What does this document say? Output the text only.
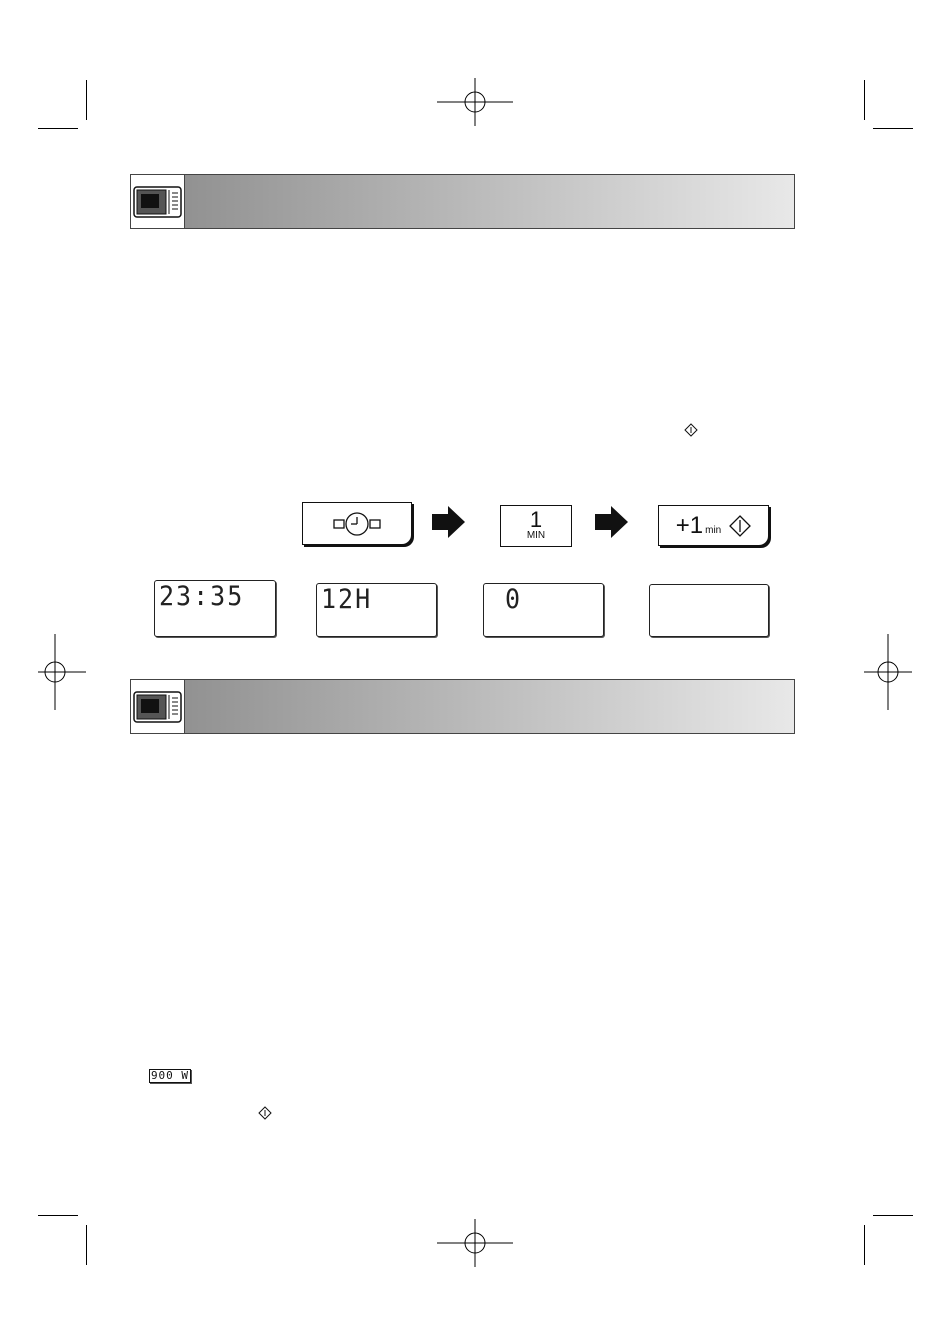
1
MIN	+1 min
23:35	12H	0
900 W
